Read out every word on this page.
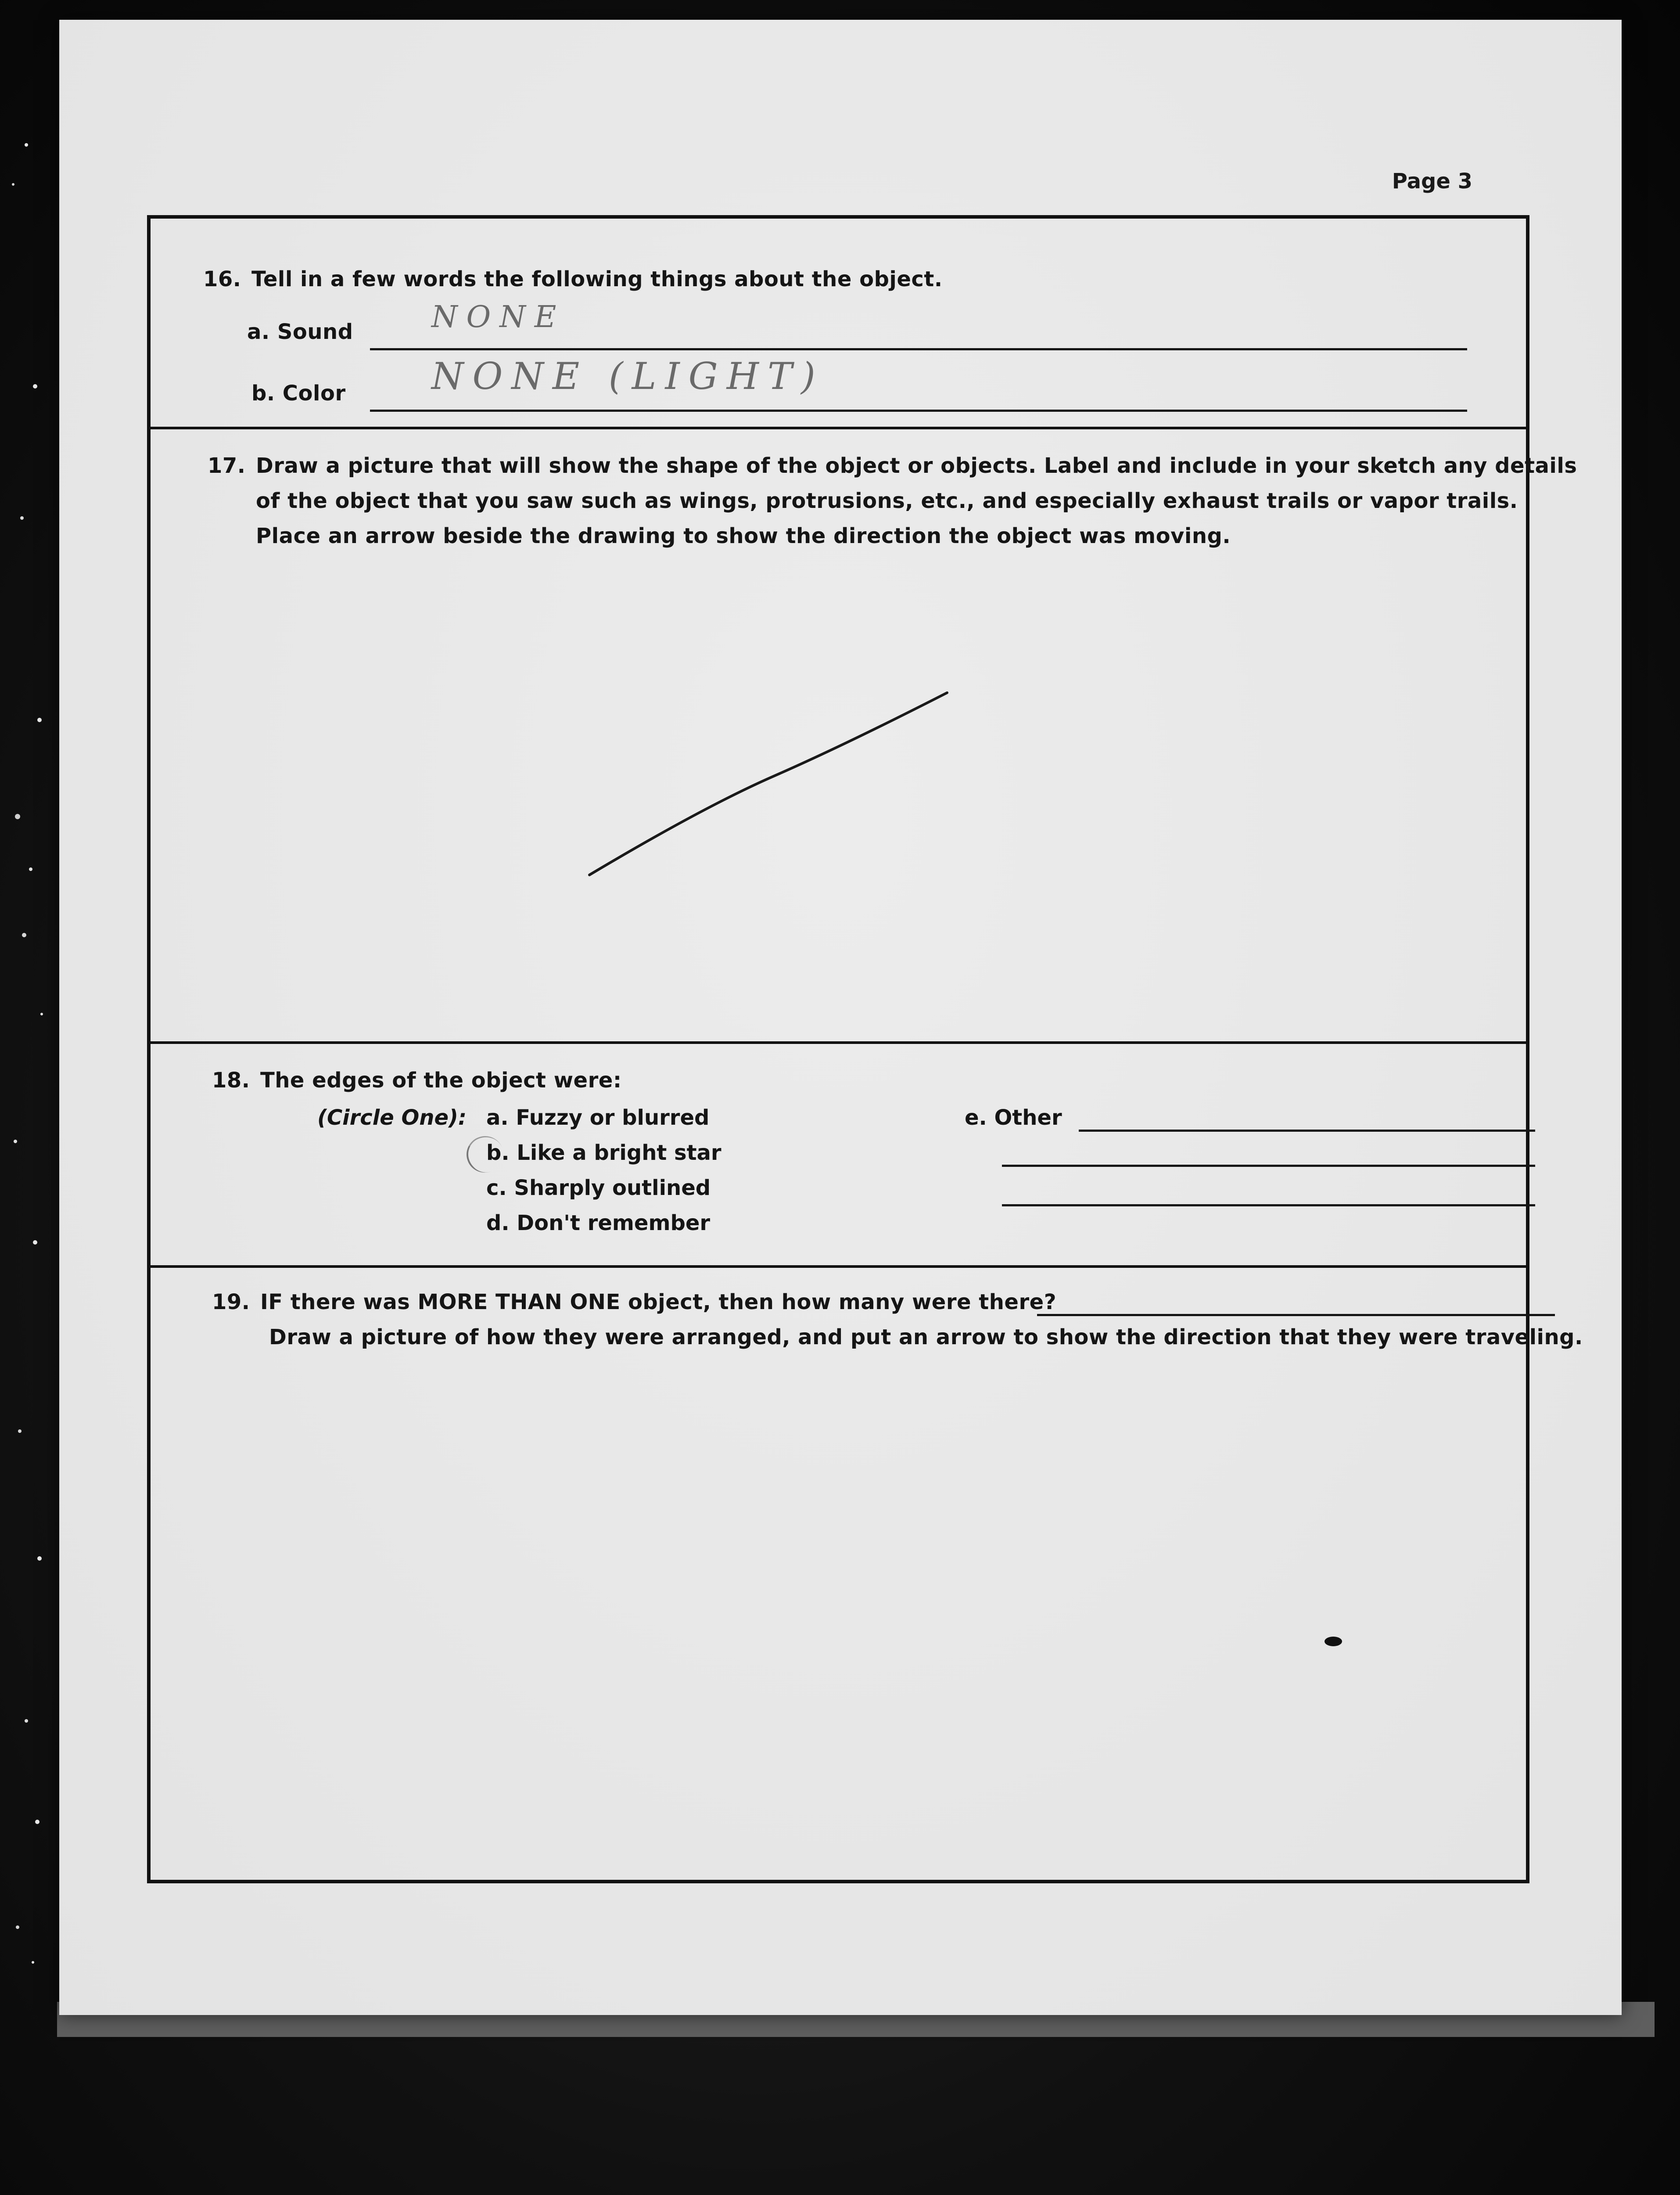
Page 3
16. Tell in a few words the following things about the object.
a. Sound	NONE
b. Color NONE (LIGHT)
17. Draw a picture that will show the shape of the object or objects. Label and include in your sketch any details
of the object that you saw such as wings, protrusions, etc., and especially exhaust trails or vapor trails.
Place an arrow beside the drawing to show the direction the object was moving.
18. The edges of the object were:
(Circle One): a. Fuzzy or blurred
b. Like a bright star
c. Sharply outlined
d. Don't remember
e. Other
19. IF there was MORE THAN ONE object, then how many were there?
Draw a picture of how they were arranged, and put an arrow to show the direction that they were traveling.
